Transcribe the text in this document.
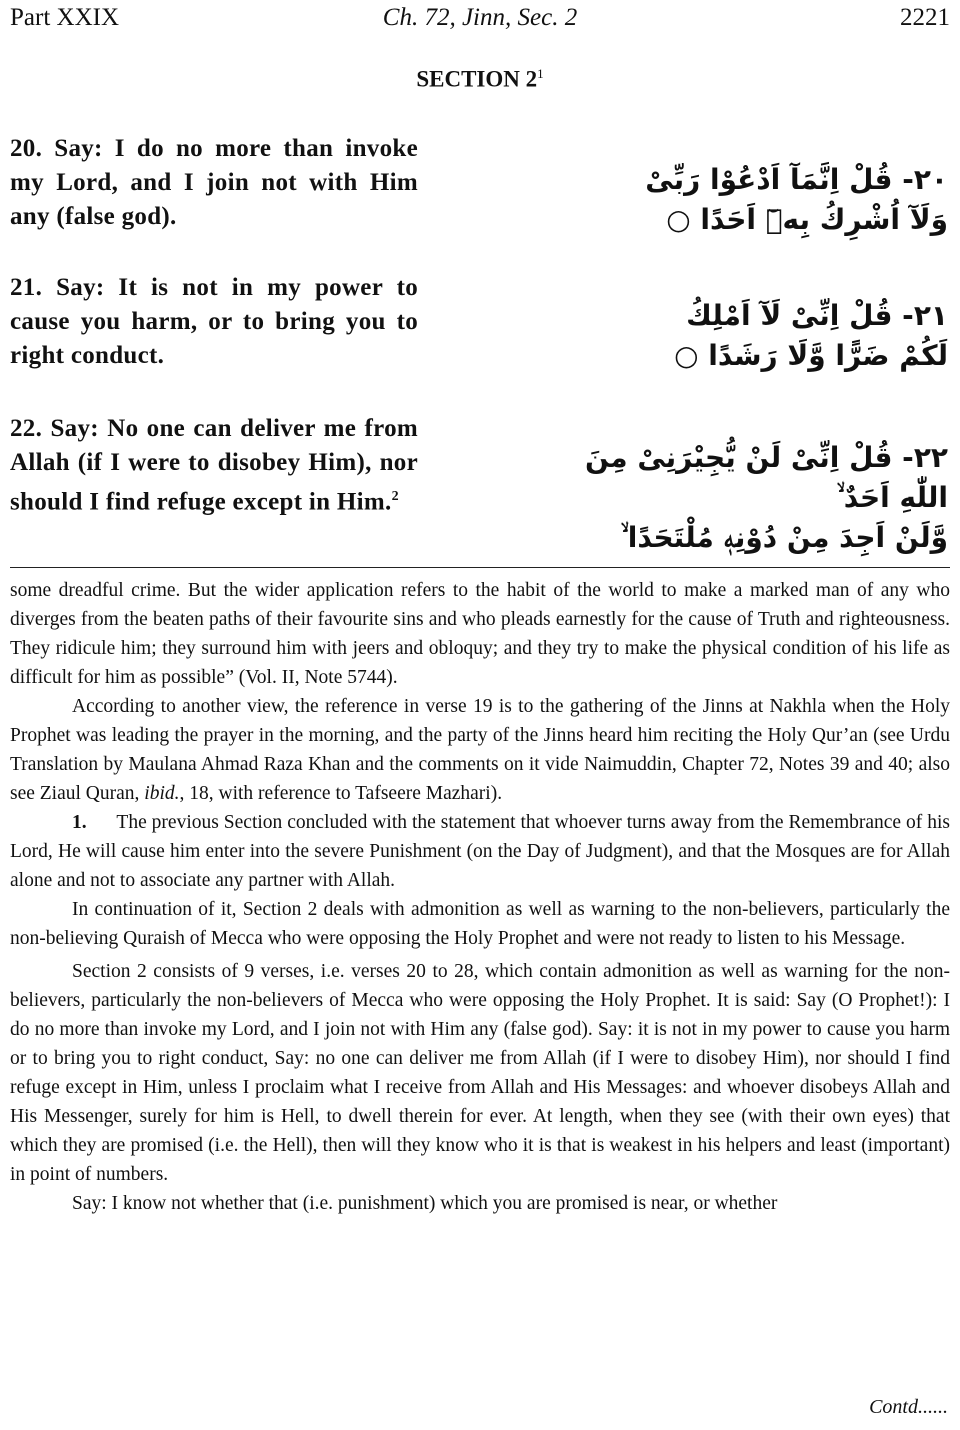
Part XXIX	Ch. 72, Jinn, Sec. 2	2221
SECTION $2^1$
20. Say: I do no more than invoke my Lord, and I join not with Him any (false god).
۲۰- قُلْ اِنَّمَآ اَدْعُوْا رَبِّیْ
وَلَآ اُشْرِكُ بِهٖٓ اَحَدًا ○
21. Say: It is not in my power to cause you harm, or to bring you to right conduct.
۲۱- قُلْ اِنِّیْ لَآ اَمْلِكُ
لَكُمْ ضَرًّا وَّلَا رَشَدًا ○
22. Say: No one can deliver me from Allah (if I were to disobey Him), nor should I find refuge except in Him.$^2$
۲۲- قُلْ اِنِّیْ لَنْ یُّجِیْرَنِیْ مِنَ اللّٰهِ اَحَدٌ ۙ
وَّلَنْ اَجِدَ مِنْ دُوْنِهٖ مُلْتَحَدًا ۙ

some dreadful crime. But the wider application refers to the habit of the world to make a marked man of any who diverges from the beaten paths of their favourite sins and who pleads earnestly for the cause of Truth and righteousness. They ridicule him; they surround him with jeers and obloquy; and they try to make the physical condition of his life as difficult for him as possible” (Vol. II, Note 5744).

According to another view, the reference in verse 19 is to the gathering of the Jinns at Nakhla when the Holy Prophet was leading the prayer in the morning, and the party of the Jinns heard him reciting the Holy Qur’an (see Urdu Translation by Maulana Ahmad Raza Khan and the comments on it vide Naimuddin, Chapter 72, Notes 39 and 40; also see Ziaul Quran, ibid., 18, with reference to Tafseere Mazhari).

1. The previous Section concluded with the statement that whoever turns away from the Remembrance of his Lord, He will cause him enter into the severe Punishment (on the Day of Judgment), and that the Mosques are for Allah alone and not to associate any partner with Allah.

In continuation of it, Section 2 deals with admonition as well as warning to the non-believers, particularly the non-believing Quraish of Mecca who were opposing the Holy Prophet and were not ready to listen to his Message.

Section 2 consists of 9 verses, i.e. verses 20 to 28, which contain admonition as well as warning for the non-believers, particularly the non-believers of Mecca who were opposing the Holy Prophet. It is said: Say (O Prophet!): I do no more than invoke my Lord, and I join not with Him any (false god). Say: it is not in my power to cause you harm or to bring you to right conduct, Say: no one can deliver me from Allah (if I were to disobey Him), nor should I find refuge except in Him, unless I proclaim what I receive from Allah and His Messages: and whoever disobeys Allah and His Messenger, surely for him is Hell, to dwell therein for ever. At length, when they see (with their own eyes) that which they are promised (i.e. the Hell), then will they know who it is that is weakest in his helpers and least (important) in point of numbers.

Say: I know not whether that (i.e. punishment) which you are promised is near, or whether

Contd......
